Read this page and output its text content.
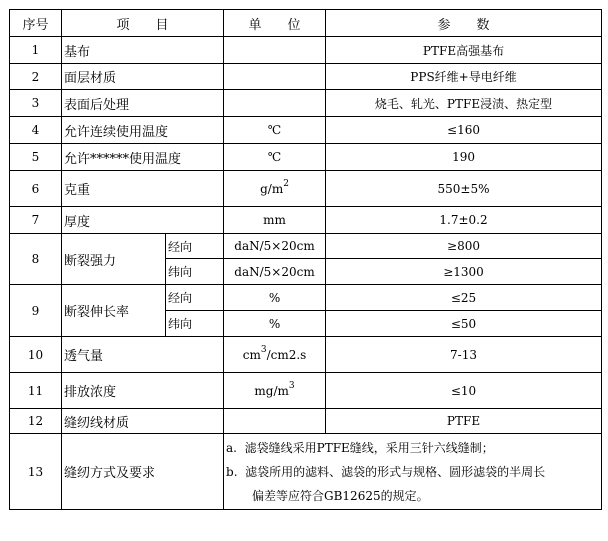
序号	项　　目		单　　位	参　　数
1	基布			PTFE高强基布
2	面层材质			PPS纤维+导电纤维
3	表面后处理			烧毛、轧光、PTFE浸渍、热定型
4	允许连续使用温度		℃	≤160
5	允许******使用温度		℃	190
6	克重		$g/m^2$	550±5%
7	厚度		mm	1.7±0.2
8	断裂强力	经向	daN/5×20cm	≥800
		纬向	daN/5×20cm	≥1300
9	断裂伸长率	经向	%	≤25
		纬向	%	≤50
10	透气量		$cm^3/cm2.s$	7-13
11	排放浓度		$mg/m^3$	≤10
12	缝纫线材质			PTFE
13	缝纫方式及要求		a. 滤袋缝线采用PTFE缝线，采用三针六线缝制；
b. 滤袋所用的滤料、滤袋的形式与规格、圆形滤袋的半周长
偏差等应符合GB12625的规定。	
